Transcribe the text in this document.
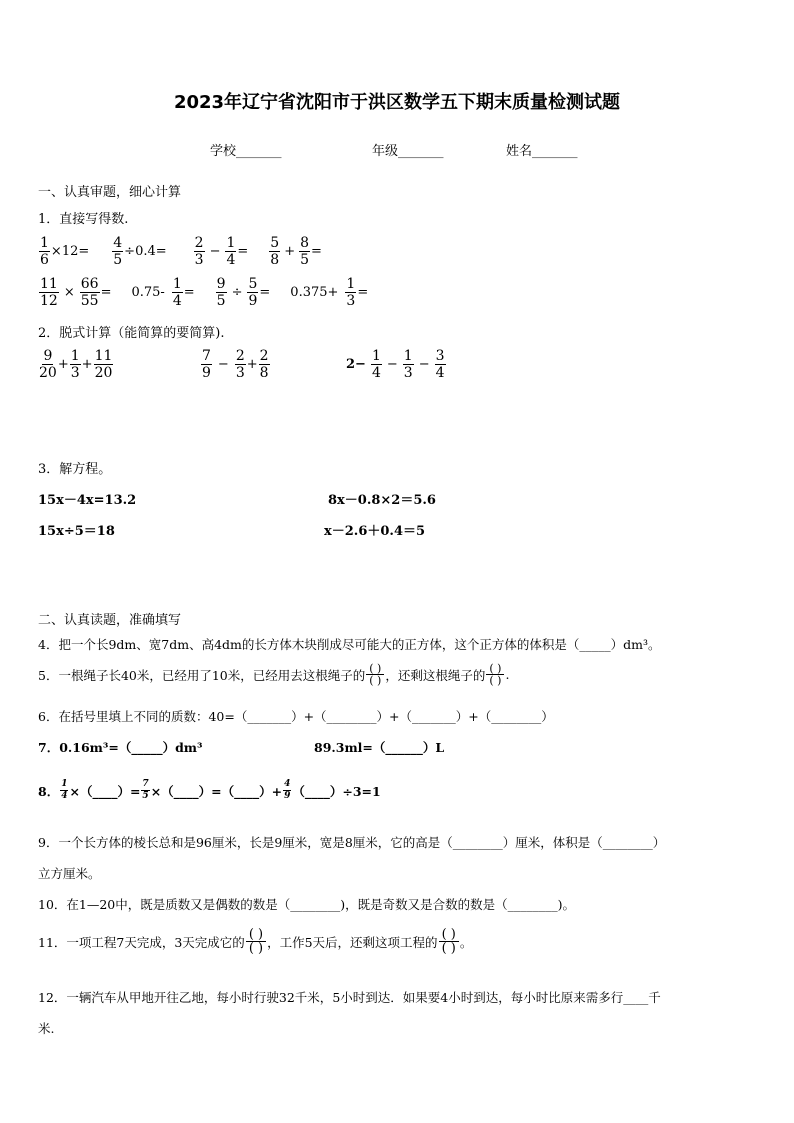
2023年辽宁省沈阳市于洪区数学五下期末质量检测试题
学校_______	年级_______	姓名_______
一、认真审题，细心计算
1．直接写得数.
$\frac{1}{6} \times 12= \frac{4}{5} \div 0.4= \frac{2}{3} - \frac{1}{4} = \frac{5}{8} + \frac{8}{5}$ =
$\frac{11}{12} \times \frac{66}{55} = 0.75- \frac{1}{4} = \frac{9}{5} \div \frac{5}{9} = 0.375+ \frac{1}{3}$ =
2．脱式计算（能简算的要简算).
$\frac{9}{20} + \frac{1}{3} + \frac{11}{20}$	$\frac{7}{9} - \frac{2}{3} + \frac{2}{8}$	$2- \frac{1}{4} - \frac{1}{3} - \frac{3}{4}$
3．解方程。
15x－4x=13.2	8x－0.8×2＝5.6
15x÷5＝18	x－2.6＋0.4＝5
二、认真读题，准确填写
4．把一个长9dm、宽7dm、高4dm的长方体木块削成尽可能大的正方体，这个正方体的体积是（_____）dm³。
5．一根绳子长40米，已经用了10米，已经用去这根绳子的 $\frac{( )}{( )}$ ，还剩这根绳子的 $\frac{( )}{( )}$ .
6．在括号里填上不同的质数：40=（_______）+（________）+（_______）+（________）
7．0.16m³=（_____）dm³	89.3ml=（______）L
8． $\frac{1}{4}$ ×（____）= $\frac{7}{5}$ ×（____）=（____）+ $\frac{4}{9}$ （____）÷3=1
9．一个长方体的棱长总和是96厘米，长是9厘米，宽是8厘米，它的高是（________）厘米，体积是（________）
立方厘米。
10．在1—20中，既是质数又是偶数的数是（________)，既是奇数又是合数的数是（________)。
11．一项工程7天完成，3天完成它的 $\frac{( )}{( )}$ ，工作5天后，还剩这项工程的 $\frac{( )}{( )}$ 。
12．一辆汽车从甲地开往乙地，每小时行驶32千米，5小时到达．如果要4小时到达，每小时比原来需多行____千
米.
